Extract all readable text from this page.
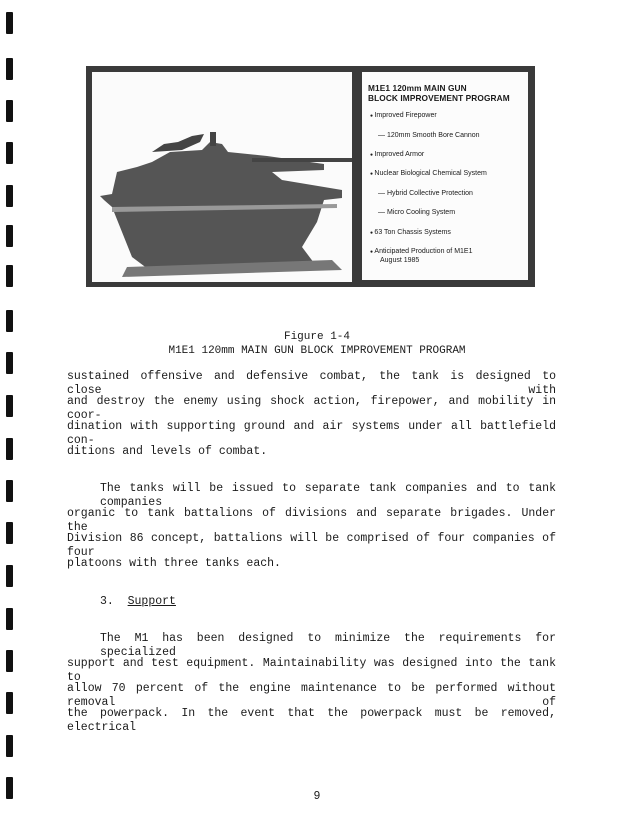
M1E1 120mm MAIN GUN
BLOCK IMPROVEMENT PROGRAM
● Improved Firepower
— 120mm Smooth Bore Cannon
● Improved Armor
● Nuclear Biological Chemical System
— Hybrid Collective Protection
— Micro Cooling System
● 63 Ton Chassis Systems
● Anticipated Production of M1E1
August 1985
Figure 1-4
M1E1 120mm MAIN GUN BLOCK IMPROVEMENT PROGRAM
sustained offensive and defensive combat, the tank is designed to close with
and destroy the enemy using shock action, firepower, and mobility in coor-
dination with supporting ground and air systems under all battlefield con-
ditions and levels of combat.
The tanks will be issued to separate tank companies and to tank companies
organic to tank battalions of divisions and separate brigades. Under the
Division 86 concept, battalions will be comprised of four companies of four
platoons with three tanks each.
3. Support
The M1 has been designed to minimize the requirements for specialized
support and test equipment. Maintainability was designed into the tank to
allow 70 percent of the engine maintenance to be performed without removal of
the powerpack. In the event that the powerpack must be removed, electrical
9
